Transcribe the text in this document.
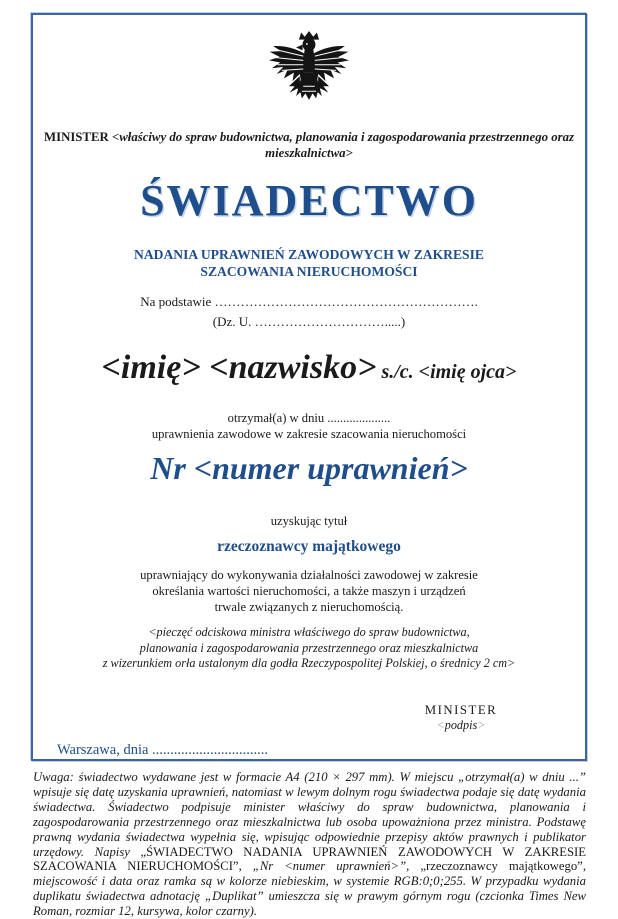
MINISTER <właściwy do spraw budownictwa, planowania i zagospodarowania przestrzennego oraz mieszkalnictwa>
ŚWIADECTWO
NADANIA UPRAWNIEŃ ZAWODOWYCH W ZAKRESIE
SZACOWANIA NIERUCHOMOŚCI
Na podstawie …………………………………………………….
(Dz. U. ………………………….....)
<imię> <nazwisko> s./c. <imię ojca>
otrzymał(a) w dniu ....................
uprawnienia zawodowe w zakresie szacowania nieruchomości
Nr <numer uprawnień>
uzyskując tytuł
rzeczoznawcy majątkowego
uprawniający do wykonywania działalności zawodowej w zakresie
określania wartości nieruchomości, a także maszyn i urządzeń
trwale związanych z nieruchomością.
<pieczęć odciskowa ministra właściwego do spraw budownictwa,
planowania i zagospodarowania przestrzennego oraz mieszkalnictwa
z wizerunkiem orła ustalonym dla godła Rzeczypospolitej Polskiej, o średnicy 2 cm>
MINISTER
<podpis>
Warszawa, dnia ................................

Uwaga: świadectwo wydawane jest w formacie A4 (210 × 297 mm). W miejscu „otrzymał(a) w dniu ...” wpisuje się datę uzyskania uprawnień, natomiast w lewym dolnym rogu świadectwa podaje się datę wydania świadectwa. Świadectwo podpisuje minister właściwy do spraw budownictwa, planowania i zagospodarowania przestrzennego oraz mieszkalnictwa lub osoba upoważniona przez ministra. Podstawę prawną wydania świadectwa wypełnia się, wpisując odpowiednie przepisy aktów prawnych i publikator urzędowy. Napisy „ŚWIADECTWO NADANIA UPRAWNIEŃ ZAWODOWYCH W ZAKRESIE SZACOWANIA NIERUCHOMOŚCI”, „Nr <numer uprawnień>”, „rzeczoznawcy majątkowego”, miejscowość i data oraz ramka są w kolorze niebieskim, w systemie RGB:0;0;255. W przypadku wydania duplikatu świadectwa adnotację „Duplikat” umieszcza się w prawym górnym rogu (czcionka Times New Roman, rozmiar 12, kursywa, kolor czarny).
